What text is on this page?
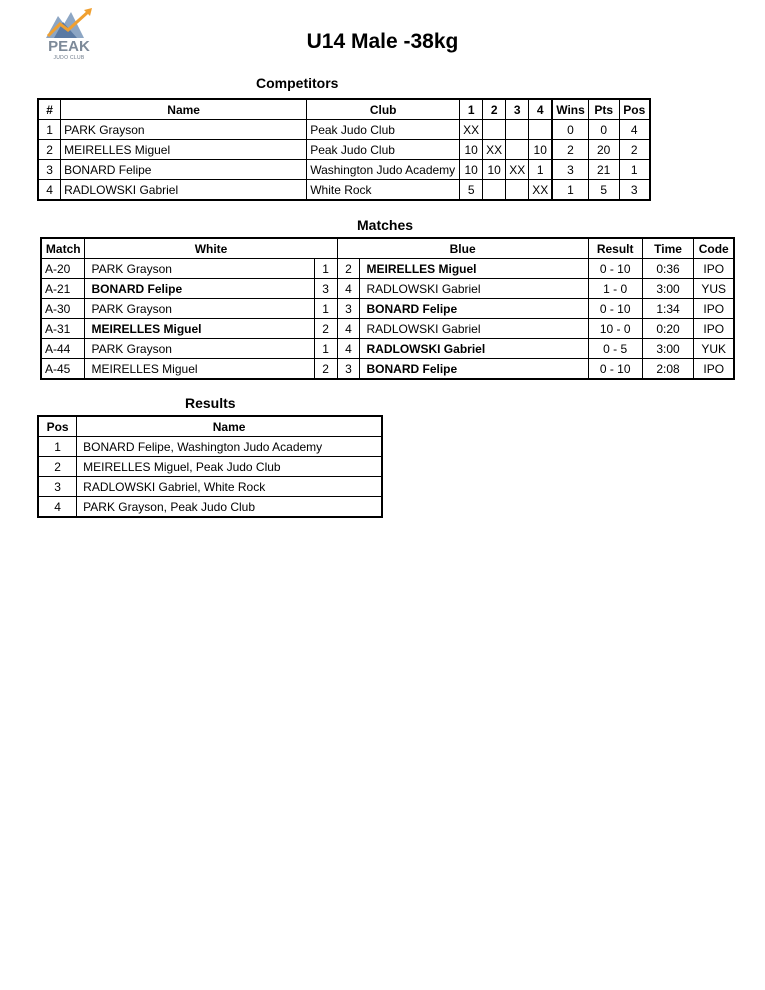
PEAK
JUDO CLUB
U14 Male -38kg
Competitors
#	Name	Club	1	2	3	4	Wins	Pts	Pos
1	PARK Grayson	Peak Judo Club	XX				0	0	4
2	MEIRELLES Miguel	Peak Judo Club	10	XX		10	2	20	2
3	BONARD Felipe	Washington Judo Academy	10	10	XX	1	3	21	1
4	RADLOWSKI Gabriel	White Rock	5			XX	1	5	3
Matches
Match	White		Blue		Result	Time	Code
A-20	PARK Grayson	1	2	MEIRELLES Miguel	0 - 10	0:36	IPO
A-21	BONARD Felipe	3	4	RADLOWSKI Gabriel	1 - 0	3:00	YUS
A-30	PARK Grayson	1	3	BONARD Felipe	0 - 10	1:34	IPO
A-31	MEIRELLES Miguel	2	4	RADLOWSKI Gabriel	10 - 0	0:20	IPO
A-44	PARK Grayson	1	4	RADLOWSKI Gabriel	0 - 5	3:00	YUK
A-45	MEIRELLES Miguel	2	3	BONARD Felipe	0 - 10	2:08	IPO
Results
Pos	Name
1	BONARD Felipe, Washington Judo Academy
2	MEIRELLES Miguel, Peak Judo Club
3	RADLOWSKI Gabriel, White Rock
4	PARK Grayson, Peak Judo Club
